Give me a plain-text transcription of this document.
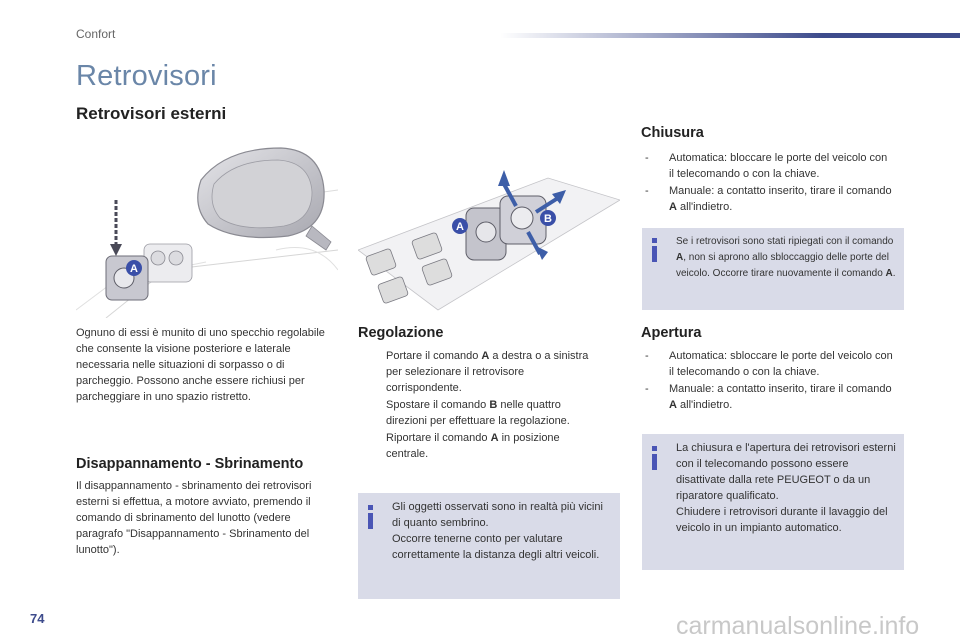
Confort
Retrovisori
Retrovisori esterni
A
A
B
Ognuno di essi è munito di uno specchio regolabile che consente la visione posteriore e laterale necessaria nelle situazioni di sorpasso o di parcheggio. Possono anche essere richiusi per parcheggiare in uno spazio ristretto.
Disappannamento - Sbrinamento
Il disappannamento - sbrinamento dei retrovisori esterni si effettua, a motore avviato, premendo il comando di sbrinamento del lunotto (vedere paragrafo "Disappannamento - Sbrinamento del lunotto").
Regolazione
Portare il comando A a destra o a sinistra per selezionare il retrovisore corrispondente.
Spostare il comando B nelle quattro direzioni per effettuare la regolazione.
Riportare il comando A in posizione centrale.
Gli oggetti osservati sono in realtà più vicini di quanto sembrino.
Occorre tenerne conto per valutare correttamente la distanza degli altri veicoli.
Chiusura
- Automatica: bloccare le porte del veicolo con il telecomando o con la chiave.
- Manuale: a contatto inserito, tirare il comando A all'indietro.
Se i retrovisori sono stati ripiegati con il comando A, non si aprono allo sbloccaggio delle porte del veicolo. Occorre tirare nuovamente il comando A.
Apertura
- Automatica: sbloccare le porte del veicolo con il telecomando o con la chiave.
- Manuale: a contatto inserito, tirare il comando A all'indietro.
La chiusura e l'apertura dei retrovisori esterni con il telecomando possono essere disattivate dalla rete PEUGEOT o da un riparatore qualificato.
Chiudere i retrovisori durante il lavaggio del veicolo in un impianto automatico.
74	carmanualsonline.info
